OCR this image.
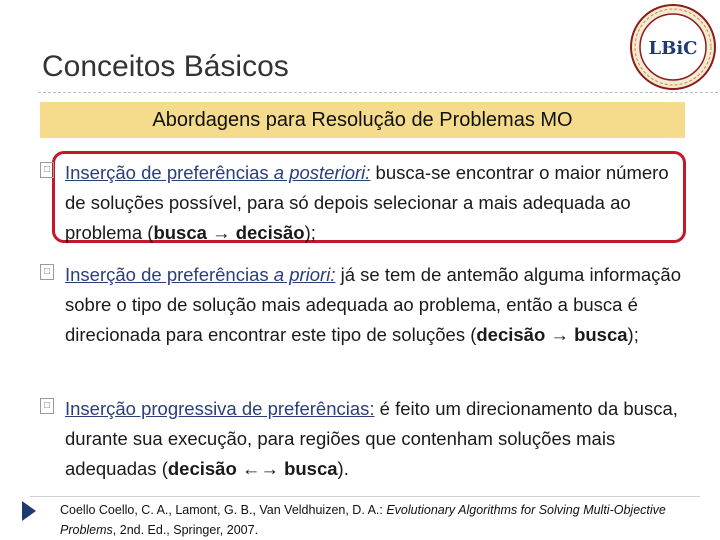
Conceitos Básicos
LBiC
Abordagens para Resolução de Problemas MO
□ Inserção de preferências a posteriori: busca-se encontrar o maior número de soluções possível, para só depois selecionar a mais adequada ao problema (busca → decisão);

□ Inserção de preferências a priori: já se tem de antemão alguma informação sobre o tipo de solução mais adequada ao problema, então a busca é direcionada para encontrar este tipo de soluções (decisão → busca);

□ Inserção progressiva de preferências: é feito um direcionamento da busca, durante sua execução, para regiões que contenham soluções mais adequadas (decisão ←→ busca).

Coello Coello, C. A., Lamont, G. B., Van Veldhuizen, D. A.: Evolutionary Algorithms for Solving Multi-Objective Problems, 2nd. Ed., Springer, 2007.
